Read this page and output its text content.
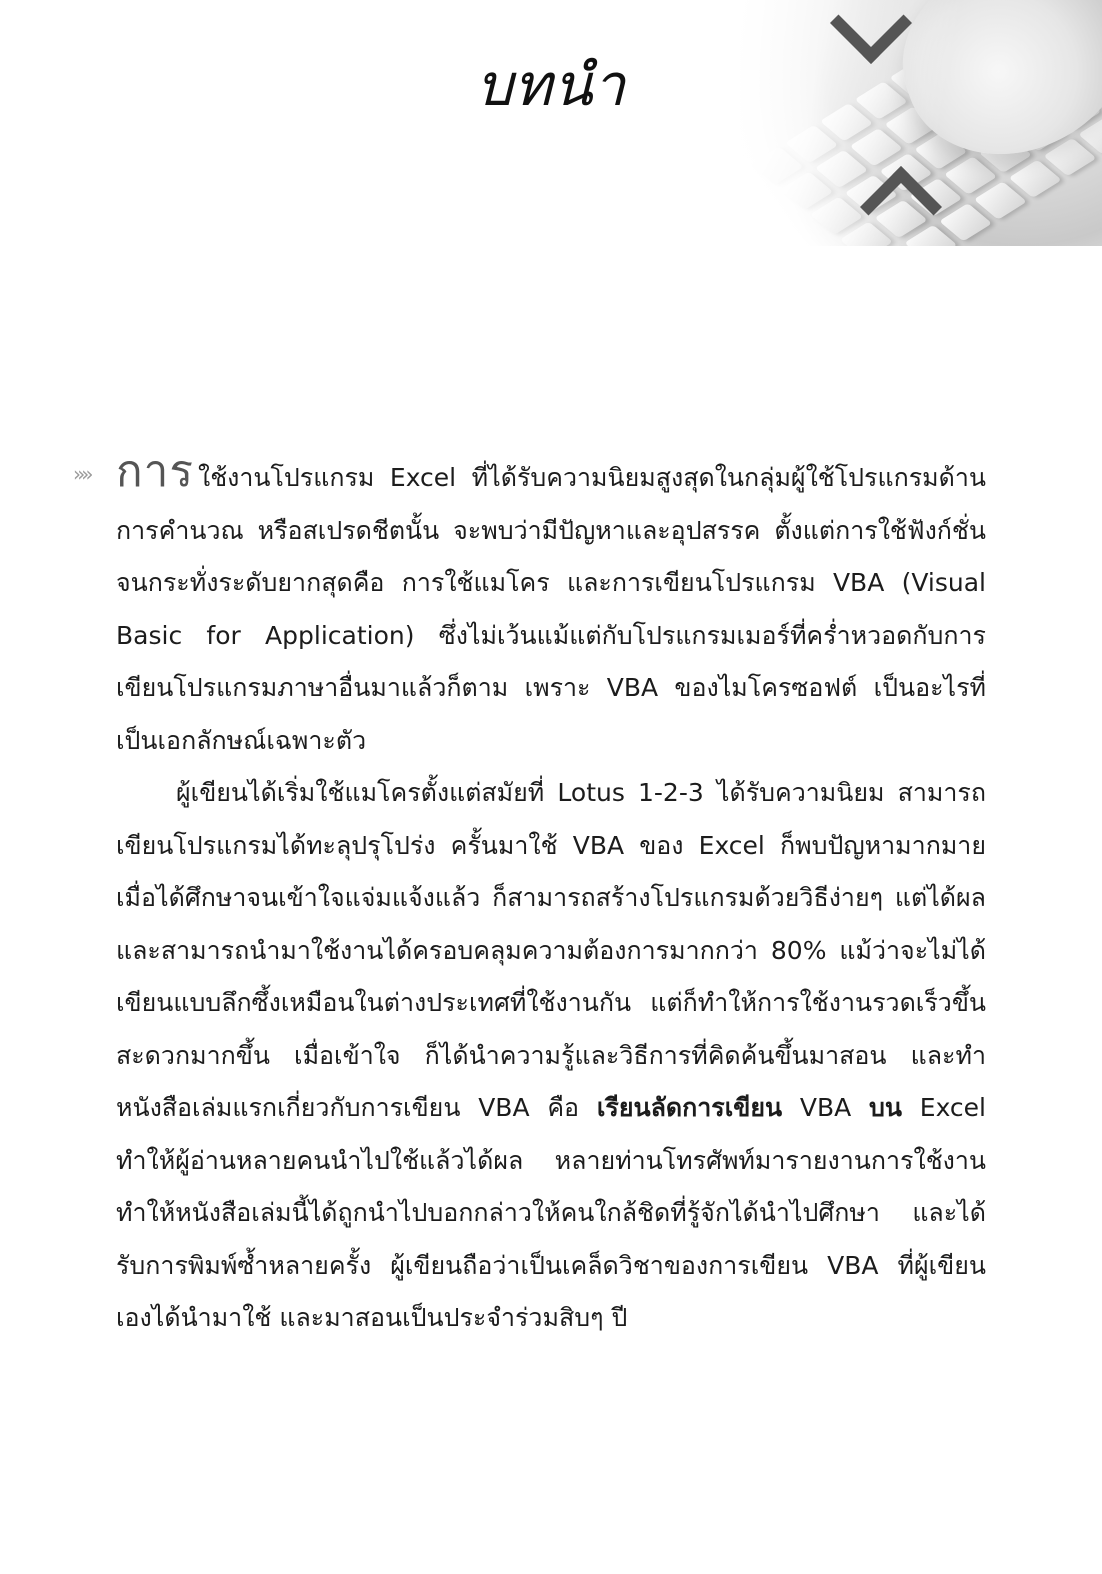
บทนำ
»» การ ใช้งานโปรแกรม Excel ที่ได้รับความนิยมสูงสุดในกลุ่มผู้ใช้โปรแกรมด้านการคำนวณ หรือสเปรดชีตนั้น จะพบว่ามีปัญหาและอุปสรรค ตั้งแต่การใช้ฟังก์ชั่นจนกระทั่งระดับยากสุดคือ การใช้แมโคร และการเขียนโปรแกรม VBA (Visual Basic for Application) ซึ่งไม่เว้นแม้แต่กับโปรแกรมเมอร์ที่คร่ำหวอดกับการเขียนโปรแกรมภาษาอื่นมาแล้วก็ตาม เพราะ VBA ของไมโครซอฟต์ เป็นอะไรที่เป็นเอกลักษณ์เฉพาะตัว

ผู้เขียนได้เริ่มใช้แมโครตั้งแต่สมัยที่ Lotus 1-2-3 ได้รับความนิยม สามารถเขียนโปรแกรมได้ทะลุปรุโปร่ง ครั้นมาใช้ VBA ของ Excel ก็พบปัญหามากมาย เมื่อได้ศึกษาจนเข้าใจแจ่มแจ้งแล้ว ก็สามารถสร้างโปรแกรมด้วยวิธีง่ายๆ แต่ได้ผล และสามารถนำมาใช้งานได้ครอบคลุมความต้องการมากกว่า 80% แม้ว่าจะไม่ได้เขียนแบบลึกซึ้งเหมือนในต่างประเทศที่ใช้งานกัน แต่ก็ทำให้การใช้งานรวดเร็วขึ้น สะดวกมากขึ้น เมื่อเข้าใจ ก็ได้นำความรู้และวิธีการที่คิดค้นขึ้นมาสอน และทำหนังสือเล่มแรกเกี่ยวกับการเขียน VBA คือ เรียนลัดการเขียน VBA บน Excel ทำให้ผู้อ่านหลายคนนำไปใช้แล้วได้ผล หลายท่านโทรศัพท์มารายงานการใช้งาน ทำให้หนังสือเล่มนี้ได้ถูกนำไปบอกกล่าวให้คนใกล้ชิดที่รู้จักได้นำไปศึกษา และได้รับการพิมพ์ซ้ำหลายครั้ง ผู้เขียนถือว่าเป็นเคล็ดวิชาของการเขียน VBA ที่ผู้เขียนเองได้นำมาใช้ และมาสอนเป็นประจำร่วมสิบๆ ปี
